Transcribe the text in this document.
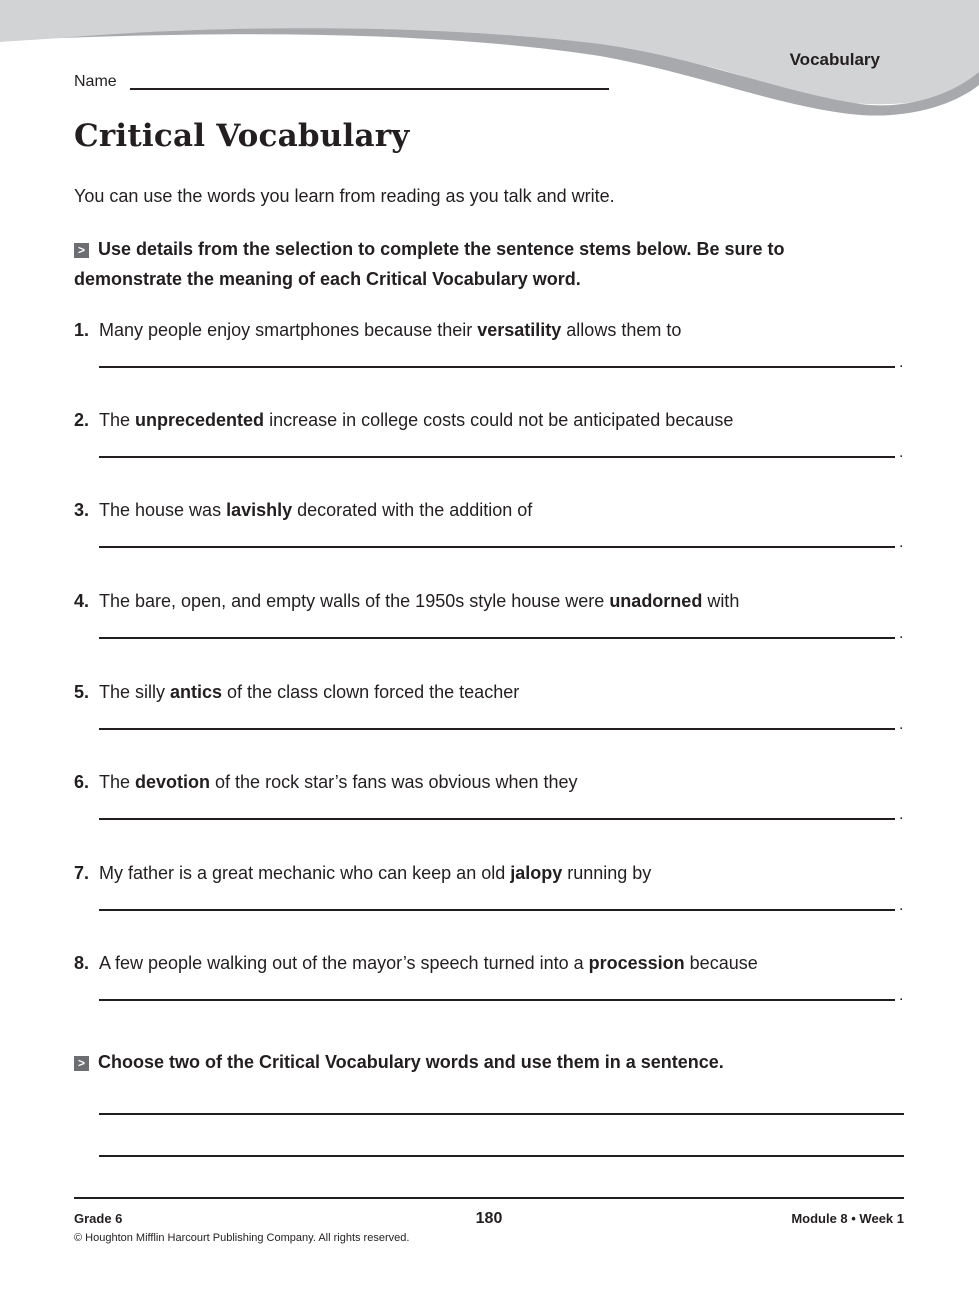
Vocabulary
Name
Critical Vocabulary
You can use the words you learn from reading as you talk and write.
> Use details from the selection to complete the sentence stems below. Be sure to demonstrate the meaning of each Critical Vocabulary word.
1. Many people enjoy smartphones because their versatility allows them to
.
2. The unprecedented increase in college costs could not be anticipated because
.
3. The house was lavishly decorated with the addition of
.
4. The bare, open, and empty walls of the 1950s style house were unadorned with
.
5. The silly antics of the class clown forced the teacher
.
6. The devotion of the rock star’s fans was obvious when they
.
7. My father is a great mechanic who can keep an old jalopy running by
.
8. A few people walking out of the mayor’s speech turned into a procession because
.
> Choose two of the Critical Vocabulary words and use them in a sentence.
Grade 6
© Houghton Mifflin Harcourt Publishing Company. All rights reserved.
180	Module 8 • Week 1
